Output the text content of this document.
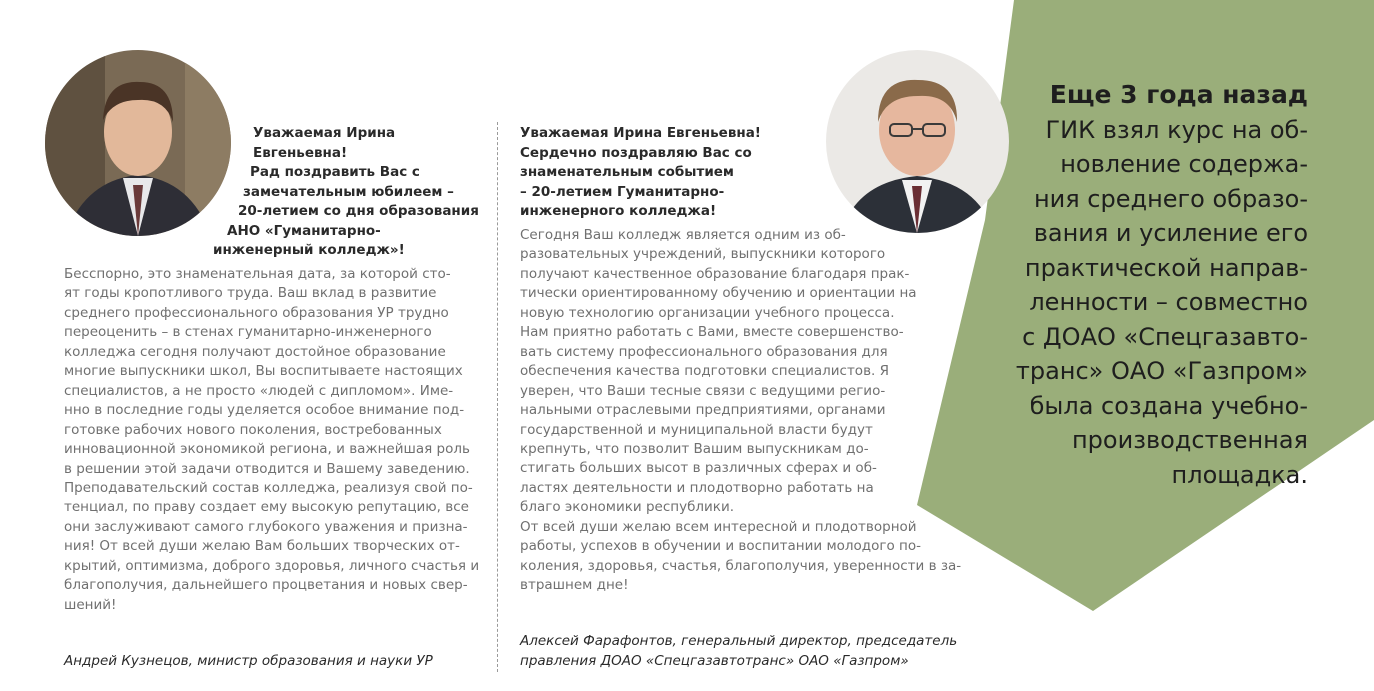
Уважаемая Ирина
Евгеньевна!
Рад поздравить Вас с
замечательным юбилеем –
20-летием со дня образования
АНО «Гуманитарно-
инженерный колледж»!
Бесспорно, это знаменательная дата, за которой сто-
ят годы кропотливого труда. Ваш вклад в развитие
среднего профессионального образования УР трудно
переоценить – в стенах гуманитарно-инженерного
колледжа сегодня получают достойное образование
многие выпускники школ, Вы воспитываете настоящих
специалистов, а не просто «людей с дипломом». Име-
нно в последние годы уделяется особое внимание под-
готовке рабочих нового поколения, востребованных
инновационной экономикой региона, и важнейшая роль
в решении этой задачи отводится и Вашему заведению.
Преподавательский состав колледжа, реализуя свой по-
тенциал, по праву создает ему высокую репутацию, все
они заслуживают самого глубокого уважения и призна-
ния! От всей души желаю Вам больших творческих от-
крытий, оптимизма, доброго здоровья, личного счастья и
благополучия, дальнейшего процветания и новых свер-
шений!
Андрей Кузнецов, министр образования и науки УР
Уважаемая Ирина Евгеньевна!
Сердечно поздравляю Вас со
знаменательным событием
– 20-летием Гуманитарно-
инженерного колледжа!
Сегодня Ваш колледж является одним из об-
разовательных учреждений, выпускники которого
получают качественное образование благодаря прак-
тически ориентированному обучению и ориентации на
новую технологию организации учебного процесса.
Нам приятно работать с Вами, вместе совершенство-
вать систему профессионального образования для
обеспечения качества подготовки специалистов. Я
уверен, что Ваши тесные связи с ведущими регио-
нальными отраслевыми предприятиями, органами
государственной и муниципальной власти будут
крепнуть, что позволит Вашим выпускникам до-
стигать больших высот в различных сферах и об-
ластях деятельности и плодотворно работать на
благо экономики республики.
От всей души желаю всем интересной и плодотворной
работы, успехов в обучении и воспитании молодого по-
коления, здоровья, счастья, благополучия, уверенности в за-
втрашнем дне!
Алексей Фарафонтов, генеральный директор, председатель
правления ДОАО «Спецгазавтотранс» ОАО «Газпром»
Еще 3 года назад
ГИК взял курс на об-
новление содержа-
ния среднего образо-
вания и усиление его
практической направ-
ленности – совместно
с ДОАО «Спецгазавто-
транс» ОАО «Газпром»
была создана учебно-
производственная
площадка.
